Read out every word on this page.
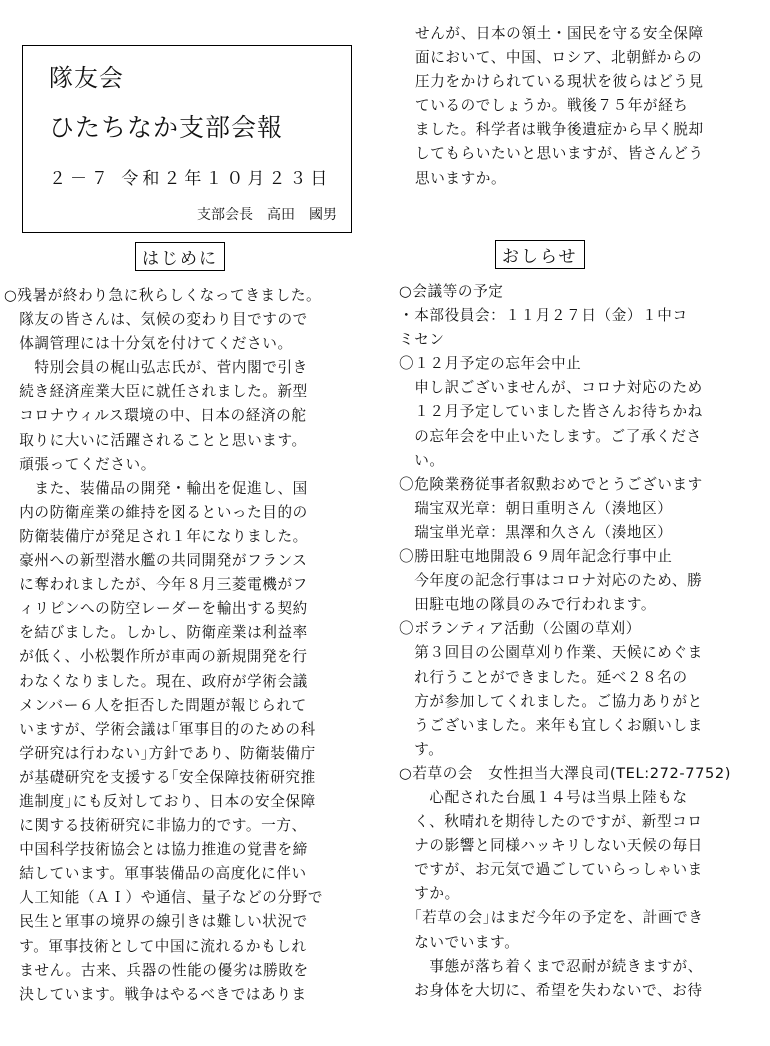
隊友会
ひたちなか支部会報
２－７ 令和２年１０月２３日
支部会長　高田　國男
はじめに	おしらせ
○残暑が終わり急に秋らしくなってきました。
　隊友の皆さんは、気候の変わり目ですので
　体調管理には十分気を付けてください。
　　特別会員の梶山弘志氏が、菅内閣で引き
　続き経済産業大臣に就任されました。新型
　コロナウィルス環境の中、日本の経済の舵
　取りに大いに活躍されることと思います。
　頑張ってください。
　　また、装備品の開発・輸出を促進し、国
　内の防衛産業の維持を図るといった目的の
　防衛装備庁が発足され１年になりました。
　豪州への新型潜水艦の共同開発がフランス
　に奪われましたが、今年８月三菱電機がフ
　ィリピンへの防空レーダーを輸出する契約
　を結びました。しかし、防衛産業は利益率
　が低く、小松製作所が車両の新規開発を行
　わなくなりました。現在、政府が学術会議
　メンバー６人を拒否した問題が報じられて
　いますが、学術会議は｢軍事目的のための科
　学研究は行わない｣方針であり、防衛装備庁
　が基礎研究を支援する｢安全保障技術研究推
　進制度｣にも反対しており、日本の安全保障
　に関する技術研究に非協力的です。一方、
　中国科学技術協会とは協力推進の覚書を締
　結しています。軍事装備品の高度化に伴い
　人工知能（ＡＩ）や通信、量子などの分野で
　民生と軍事の境界の線引きは難しい状況で
　す。軍事技術として中国に流れるかもしれ
　ません。古来、兵器の性能の優劣は勝敗を
　決しています。戦争はやるべきではありま
せんが、日本の領土・国民を守る安全保障
面において、中国、ロシア、北朝鮮からの
圧力をかけられている現状を彼らはどう見
ているのでしょうか。戦後７５年が経ち
ました。科学者は戦争後遺症から早く脱却
してもらいたいと思いますが、皆さんどう
思いますか。
○会議等の予定
・本部役員会：１１月２７日（金）１中コ
ミセン
〇１２月予定の忘年会中止
　申し訳ございませんが、コロナ対応のため
　１２月予定していました皆さんお待ちかね
　の忘年会を中止いたします。ご了承くださ
　い。
〇危険業務従事者叙勲おめでとうございます
　瑞宝双光章：朝日重明さん（湊地区）
　瑞宝単光章：黒澤和久さん（湊地区）
〇勝田駐屯地開設６９周年記念行事中止
　今年度の記念行事はコロナ対応のため、勝
　田駐屯地の隊員のみで行われます。
〇ボランティア活動（公園の草刈）
　第３回目の公園草刈り作業、天候にめぐま
　れ行うことができました。延べ２８名の
　方が参加してくれました。ご協力ありがと
　うございました。来年も宜しくお願いしま
　す。
○若草の会　女性担当大澤良司(TEL:272-7752)
　　心配された台風１４号は当県上陸もな
　く、秋晴れを期待したのですが、新型コロ
　ナの影響と同様ハッキリしない天候の毎日
　ですが、お元気で過ごしていらっしゃいま
　すか。
　｢若草の会｣はまだ今年の予定を、計画でき
　ないでいます。
　　事態が落ち着くまで忍耐が続きますが、
　お身体を大切に、希望を失わないで、お待
